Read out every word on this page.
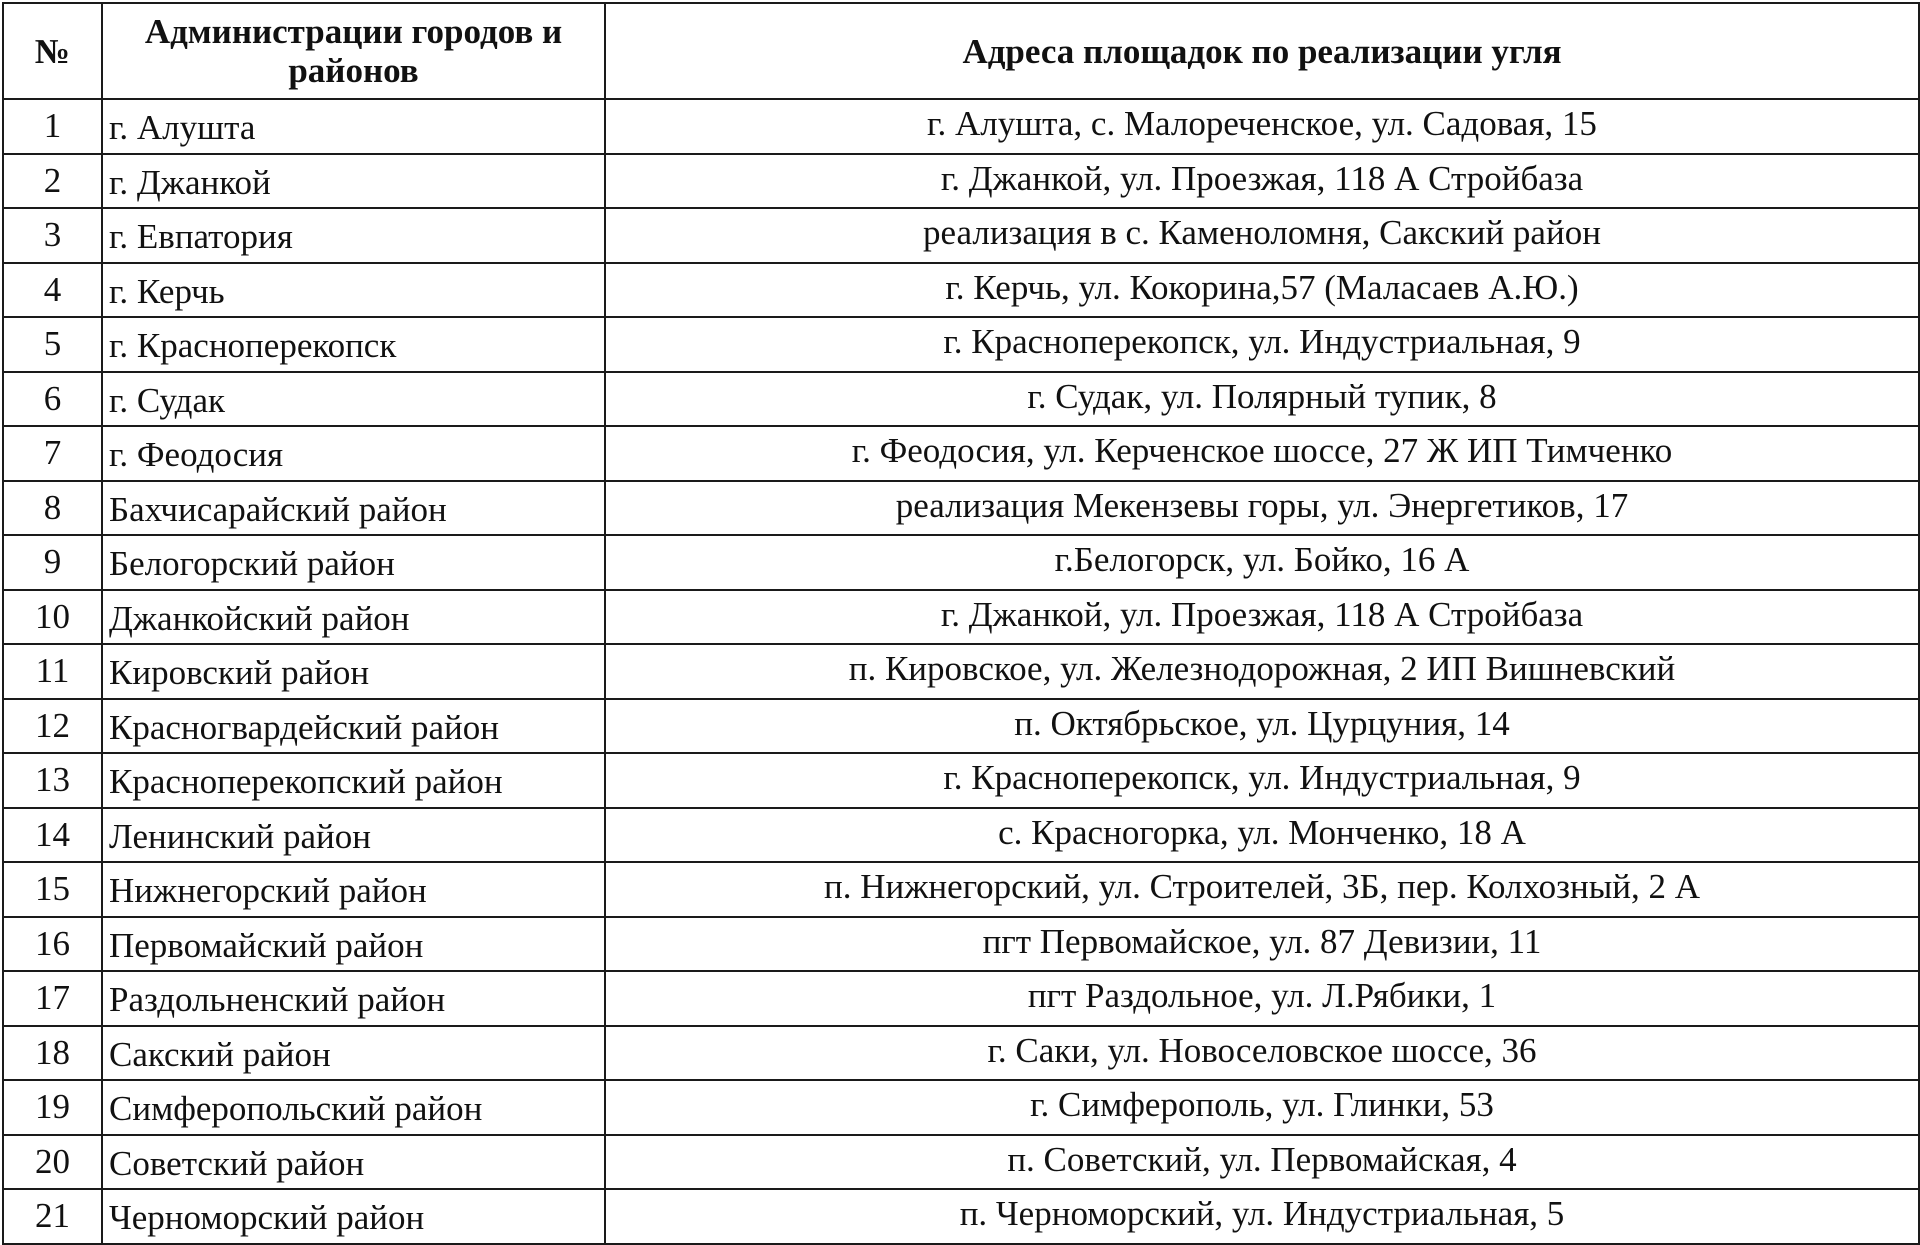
№	Администрации городов и районов	Адреса площадок по реализации угля
1	г. Алушта	г. Алушта, с. Малореченское, ул. Садовая, 15
2	г. Джанкой	г. Джанкой, ул. Проезжая, 118 А Стройбаза
3	г. Евпатория	реализация в с. Каменоломня, Сакский район
4	г. Керчь	г. Керчь, ул. Кокорина,57 (Маласаев А.Ю.)
5	г. Красноперекопск	г. Красноперекопск, ул. Индустриальная, 9
6	г. Судак	г. Судак, ул. Полярный тупик, 8
7	г. Феодосия	г. Феодосия, ул. Керченское шоссе, 27 Ж ИП Тимченко
8	Бахчисарайский район	реализация Мекензевы горы, ул. Энергетиков, 17
9	Белогорский район	г.Белогорск, ул. Бойко, 16 А
10	Джанкойский район	г. Джанкой, ул. Проезжая, 118 А Стройбаза
11	Кировский район	п. Кировское, ул. Железнодорожная, 2 ИП Вишневский
12	Красногвардейский район	п. Октябрьское, ул. Цурцуния, 14
13	Красноперекопский район	г. Красноперекопск, ул. Индустриальная, 9
14	Ленинский район	с. Красногорка, ул. Монченко, 18 А
15	Нижнегорский район	п. Нижнегорский, ул. Строителей, 3Б, пер. Колхозный, 2 А
16	Первомайский район	пгт Первомайское, ул. 87 Девизии, 11
17	Раздольненский район	пгт Раздольное, ул. Л.Рябики, 1
18	Сакский район	г. Саки, ул. Новоселовское шоссе, 36
19	Симферопольский район	г. Симферополь, ул. Глинки, 53
20	Советский район	п. Советский, ул. Первомайская, 4
21	Черноморский район	п. Черноморский, ул. Индустриальная, 5
